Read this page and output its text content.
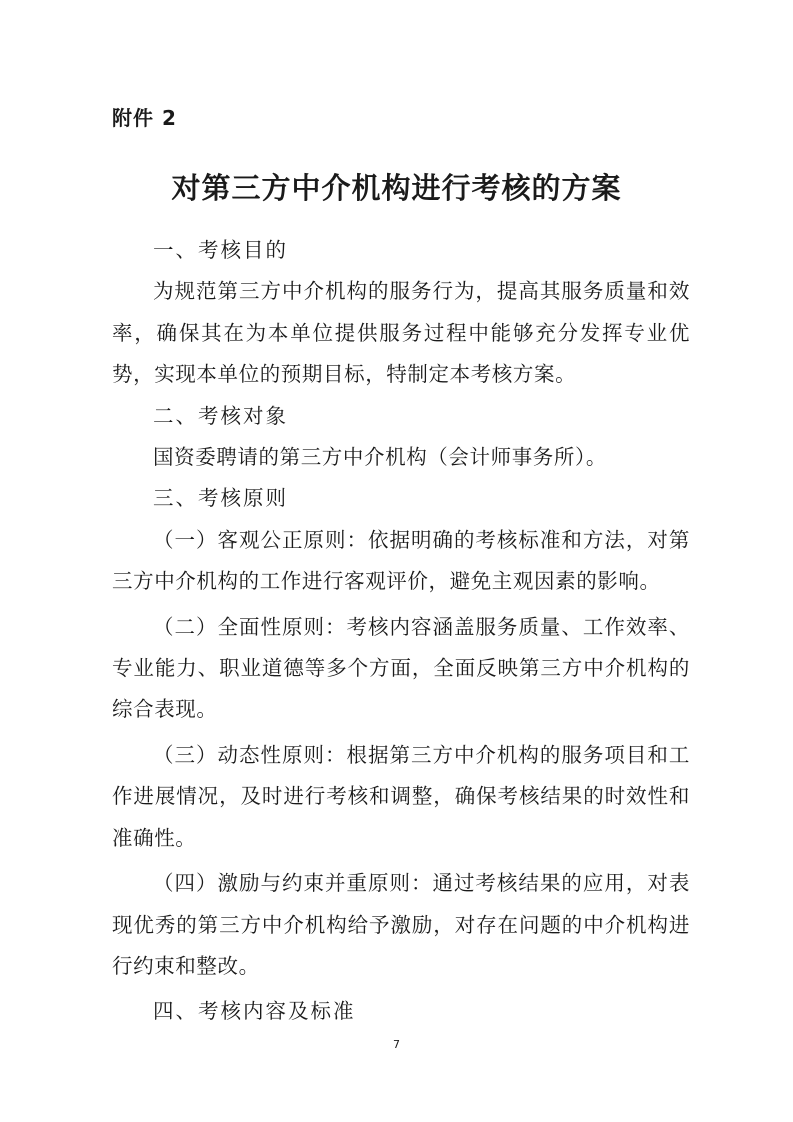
附件 2
对第三方中介机构进行考核的方案

一、考核目的

为规范第三方中介机构的服务行为，提高其服务质量和效率，确保其在为本单位提供服务过程中能够充分发挥专业优势，实现本单位的预期目标，特制定本考核方案。

二、考核对象

国资委聘请的第三方中介机构（会计师事务所）。

三、考核原则

（一）客观公正原则：依据明确的考核标准和方法，对第三方中介机构的工作进行客观评价，避免主观因素的影响。

（二）全面性原则：考核内容涵盖服务质量、工作效率、专业能力、职业道德等多个方面，全面反映第三方中介机构的综合表现。

（三）动态性原则：根据第三方中介机构的服务项目和工作进展情况，及时进行考核和调整，确保考核结果的时效性和准确性。

（四）激励与约束并重原则：通过考核结果的应用，对表现优秀的第三方中介机构给予激励，对存在问题的中介机构进行约束和整改。

四、考核内容及标准

7
